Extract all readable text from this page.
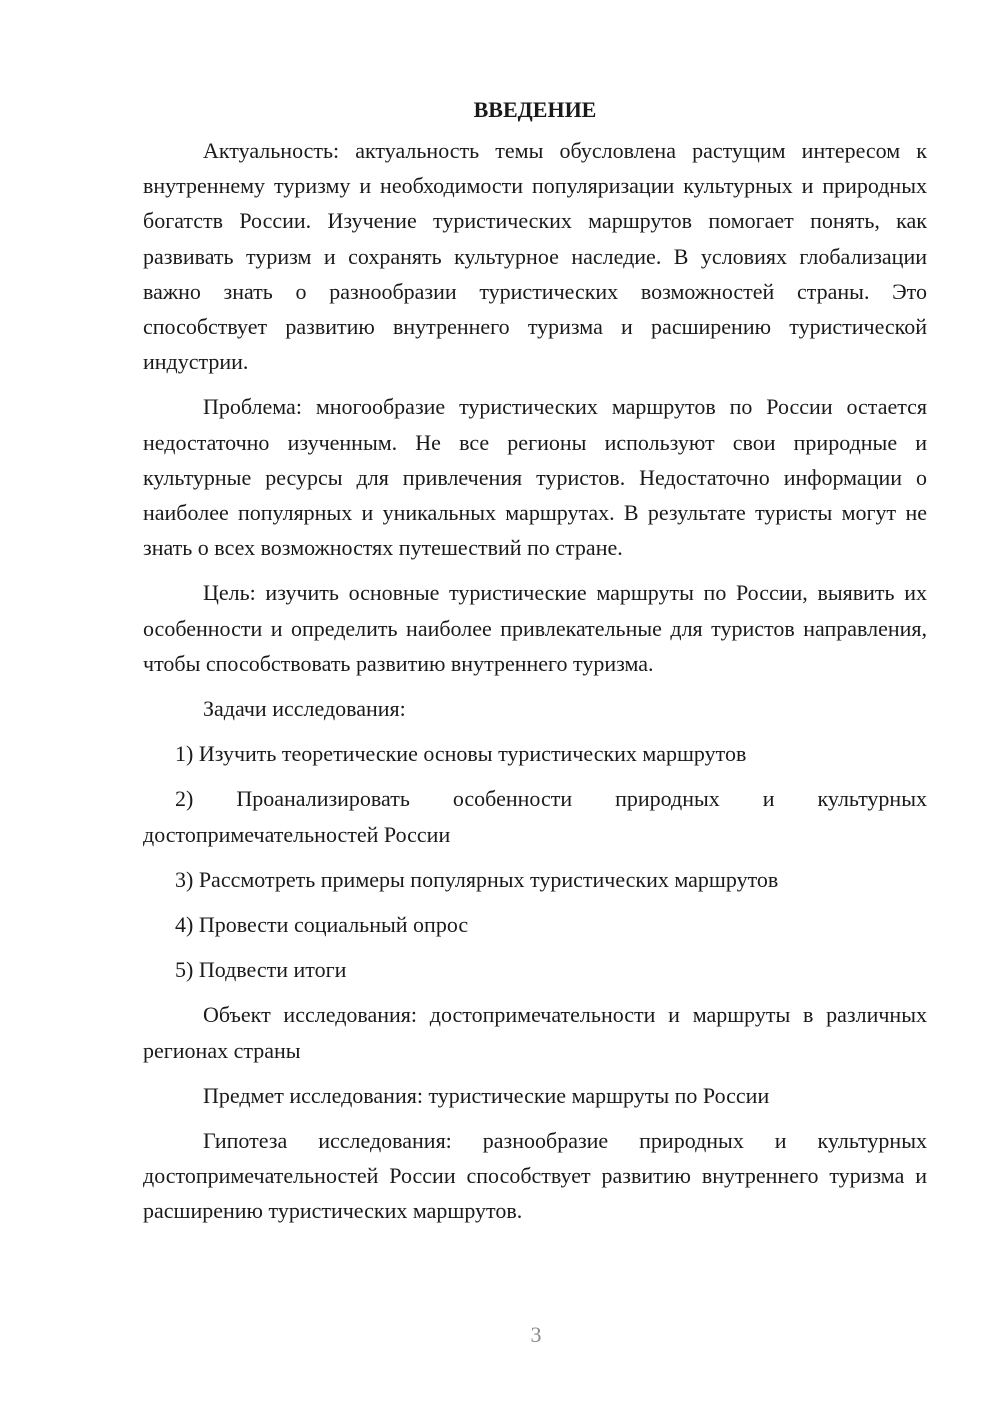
ВВЕДЕНИЕ

Актуальность: актуальность темы обусловлена растущим интересом к внутреннему туризму и необходимости популяризации культурных и природных богатств России. Изучение туристических маршрутов помогает понять, как развивать туризм и сохранять культурное наследие. В условиях глобализации важно знать о разнообразии туристических возможностей страны. Это способствует развитию внутреннего туризма и расширению туристической индустрии.

Проблема: многообразие туристических маршрутов по России остается недостаточно изученным. Не все регионы используют свои природные и культурные ресурсы для привлечения туристов. Недостаточно информации о наиболее популярных и уникальных маршрутах. В результате туристы могут не знать о всех возможностях путешествий по стране.

Цель: изучить основные туристические маршруты по России, выявить их особенности и определить наиболее привлекательные для туристов направления, чтобы способствовать развитию внутреннего туризма.

Задачи исследования:

1) Изучить теоретические основы туристических маршрутов

2) Проанализировать особенности природных и культурных достопримечательностей России

3) Рассмотреть примеры популярных туристических маршрутов

4) Провести социальный опрос

5) Подвести итоги

Объект исследования: достопримечательности и маршруты в различных регионах страны

Предмет исследования: туристические маршруты по России

Гипотеза исследования: разнообразие природных и культурных достопримечательностей России способствует развитию внутреннего туризма и расширению туристических маршрутов.

3
